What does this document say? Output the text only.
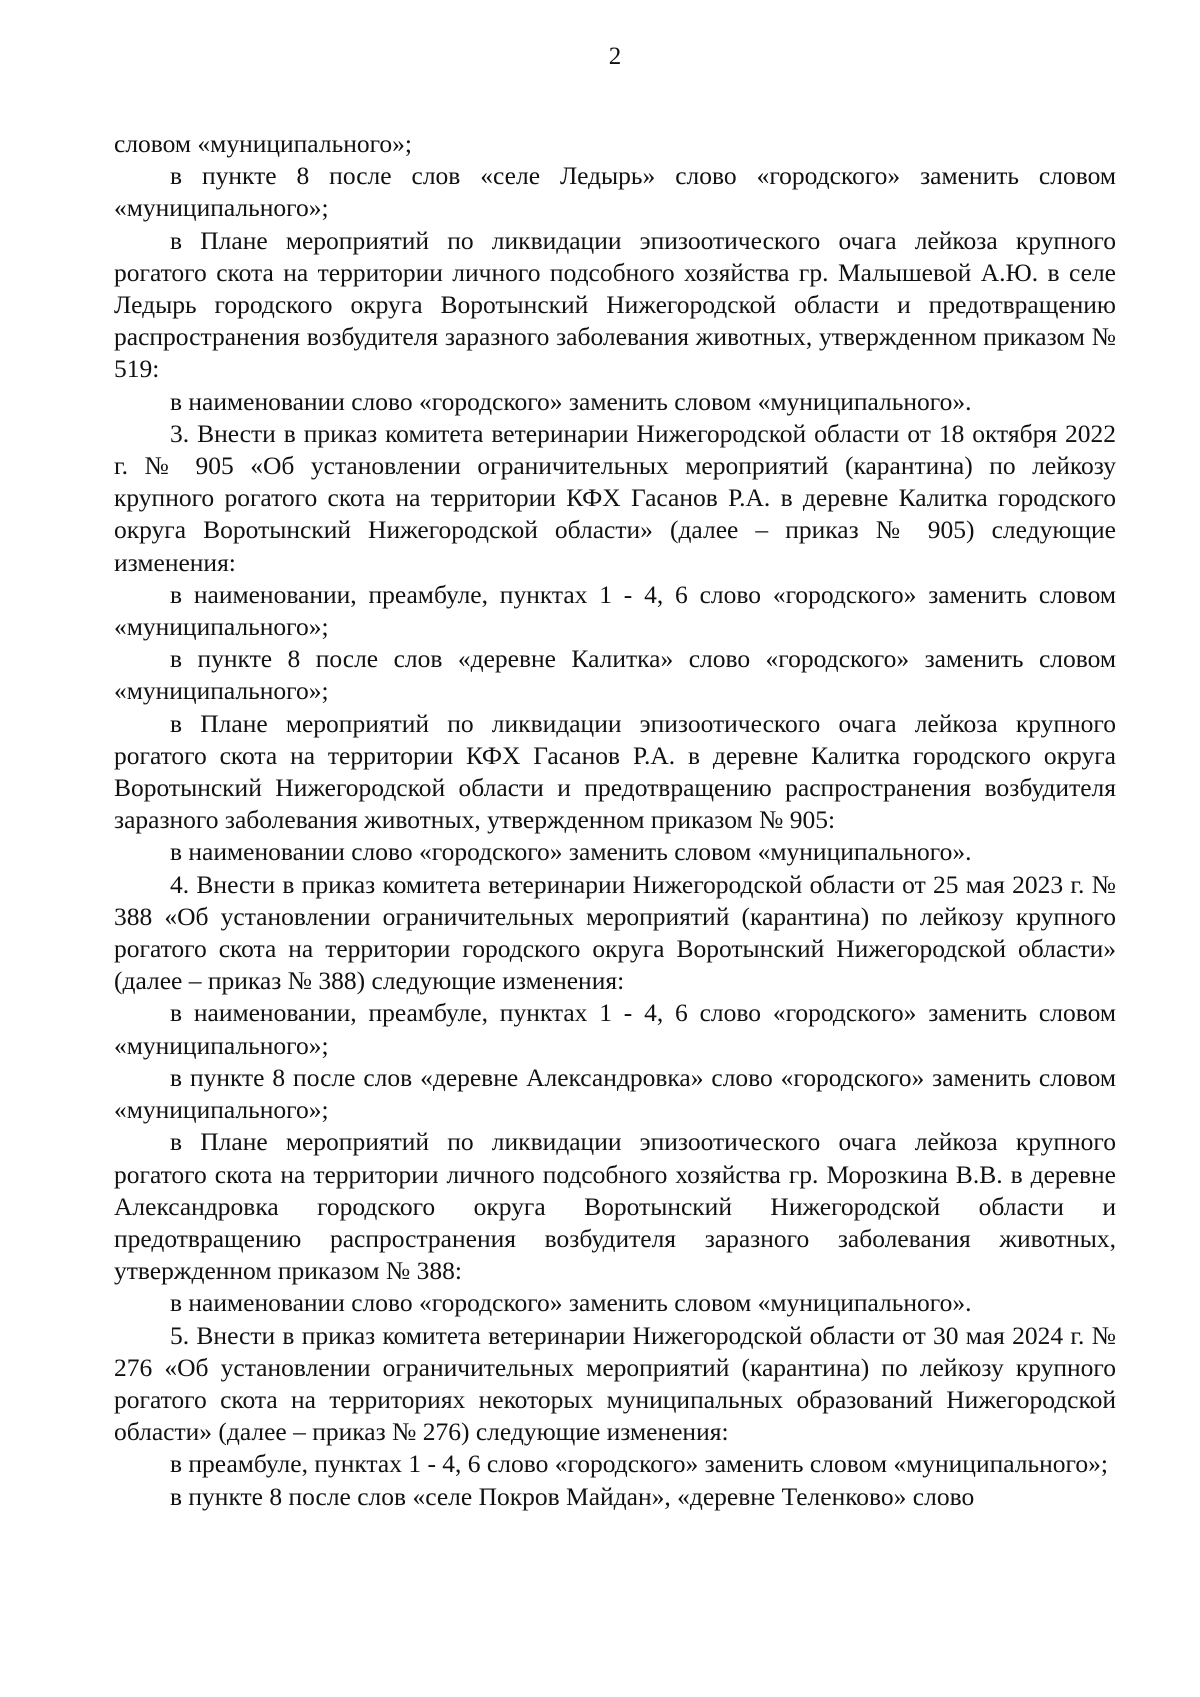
2

словом «муниципального»;

в пункте 8 после слов «селе Ледырь» слово «городского» заменить словом «муниципального»;

в Плане мероприятий по ликвидации эпизоотического очага лейкоза крупного рогатого скота на территории личного подсобного хозяйства гр. Малышевой А.Ю. в селе Ледырь городского округа Воротынский Нижегородской области и предотвращению распространения возбудителя заразного заболевания животных, утвержденном приказом № 519:

в наименовании слово «городского» заменить словом «муниципального».

3. Внести в приказ комитета ветеринарии Нижегородской области от 18 октября 2022 г. № 905 «Об установлении ограничительных мероприятий (карантина) по лейкозу крупного рогатого скота на территории КФХ Гасанов Р.А. в деревне Калитка городского округа Воротынский Нижегородской области» (далее – приказ № 905) следующие изменения:

в наименовании, преамбуле, пунктах 1 - 4, 6 слово «городского» заменить словом «муниципального»;

в пункте 8 после слов «деревне Калитка» слово «городского» заменить словом «муниципального»;

в Плане мероприятий по ликвидации эпизоотического очага лейкоза крупного рогатого скота на территории КФХ Гасанов Р.А. в деревне Калитка городского округа Воротынский Нижегородской области и предотвращению распространения возбудителя заразного заболевания животных, утвержденном приказом № 905:

в наименовании слово «городского» заменить словом «муниципального».

4. Внести в приказ комитета ветеринарии Нижегородской области от 25 мая 2023 г. № 388 «Об установлении ограничительных мероприятий (карантина) по лейкозу крупного рогатого скота на территории городского округа Воротынский Нижегородской области» (далее – приказ № 388) следующие изменения:

в наименовании, преамбуле, пунктах 1 - 4, 6 слово «городского» заменить словом «муниципального»;

в пункте 8 после слов «деревне Александровка» слово «городского» заменить словом «муниципального»;

в Плане мероприятий по ликвидации эпизоотического очага лейкоза крупного рогатого скота на территории личного подсобного хозяйства гр. Морозкина В.В. в деревне Александровка городского округа Воротынский Нижегородской области и предотвращению распространения возбудителя заразного заболевания животных, утвержденном приказом № 388:

в наименовании слово «городского» заменить словом «муниципального».

5. Внести в приказ комитета ветеринарии Нижегородской области от 30 мая 2024 г. № 276 «Об установлении ограничительных мероприятий (карантина) по лейкозу крупного рогатого скота на территориях некоторых муниципальных образований Нижегородской области» (далее – приказ № 276) следующие изменения:

в преамбуле, пунктах 1 - 4, 6 слово «городского» заменить словом «муниципального»;

в пункте 8 после слов «селе Покров Майдан», «деревне Теленково» слово
